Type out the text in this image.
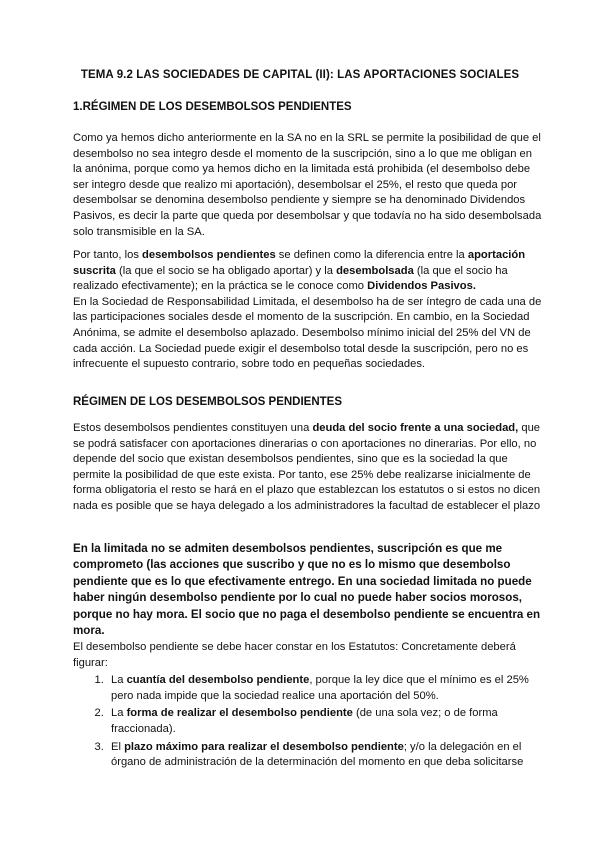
TEMA 9.2 LAS SOCIEDADES DE CAPITAL (II): LAS APORTACIONES SOCIALES
1.RÉGIMEN DE LOS DESEMBOLSOS PENDIENTES

Como ya hemos dicho anteriormente en la SA no en la SRL se permite la posibilidad de que el desembolso no sea integro desde el momento de la suscripción, sino a lo que me obligan en la anónima, porque como ya hemos dicho en la limitada está prohibida (el desembolso debe ser integro desde que realizo mi aportación), desembolsar el 25%, el resto que queda por desembolsar se denomina desembolso pendiente y siempre se ha denominado Dividendos Pasivos, es decir la parte que queda por desembolsar y que todavía no ha sido desembolsada solo transmisible en la SA.

Por tanto, los desembolsos pendientes se definen como la diferencia entre la aportación suscrita (la que el socio se ha obligado aportar) y la desembolsada (la que el socio ha realizado efectivamente); en la práctica se le conoce como Dividendos Pasivos.

En la Sociedad de Responsabilidad Limitada, el desembolso ha de ser íntegro de cada una de las participaciones sociales desde el momento de la suscripción. En cambio, en la Sociedad Anónima, se admite el desembolso aplazado. Desembolso mínimo inicial del 25% del VN de cada acción. La Sociedad puede exigir el desembolso total desde la suscripción, pero no es infrecuente el supuesto contrario, sobre todo en pequeñas sociedades.

RÉGIMEN DE LOS DESEMBOLSOS PENDIENTES

Estos desembolsos pendientes constituyen una deuda del socio frente a una sociedad, que se podrá satisfacer con aportaciones dinerarias o con aportaciones no dinerarias. Por ello, no depende del socio que existan desembolsos pendientes, sino que es la sociedad la que permite la posibilidad de que este exista. Por tanto, ese 25% debe realizarse inicialmente de forma obligatoria el resto se hará en el plazo que establezcan los estatutos o si estos no dicen nada es posible que se haya delegado a los administradores la facultad de establecer el plazo

En la limitada no se admiten desembolsos pendientes, suscripción es que me comprometo (las acciones que suscribo y que no es lo mismo que desembolso pendiente que es lo que efectivamente entrego. En una sociedad limitada no puede haber ningún desembolso pendiente por lo cual no puede haber socios morosos, porque no hay mora. El socio que no paga el desembolso pendiente se encuentra en mora.

El desembolso pendiente se debe hacer constar en los Estatutos: Concretamente deberá figurar:

1. La cuantía del desembolso pendiente, porque la ley dice que el mínimo es el 25% pero nada impide que la sociedad realice una aportación del 50%.
2. La forma de realizar el desembolso pendiente (de una sola vez; o de forma fraccionada).
3. El plazo máximo para realizar el desembolso pendiente; y/o la delegación en el órgano de administración de la determinación del momento en que deba solicitarse
